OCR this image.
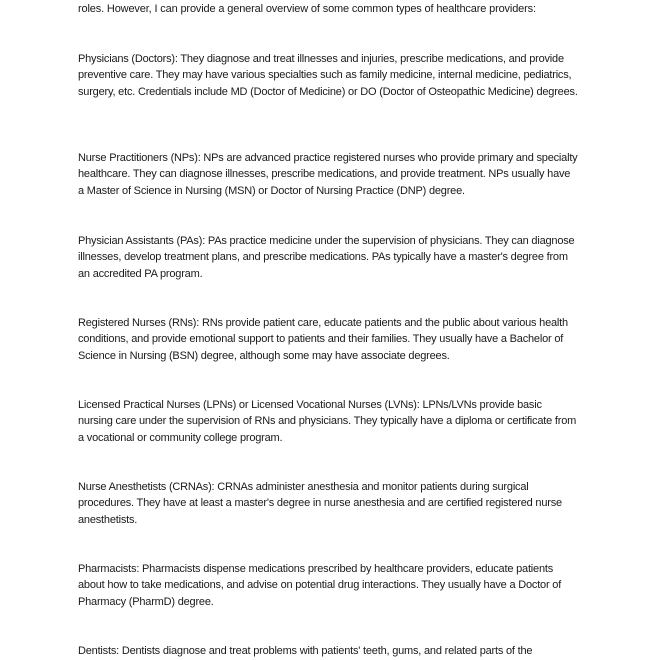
roles. However, I can provide a general overview of some common types of healthcare providers:

Physicians (Doctors): They diagnose and treat illnesses and injuries, prescribe medications, and provide preventive care. They may have various specialties such as family medicine, internal medicine, pediatrics, surgery, etc. Credentials include MD (Doctor of Medicine) or DO (Doctor of Osteopathic Medicine) degrees.

Nurse Practitioners (NPs): NPs are advanced practice registered nurses who provide primary and specialty healthcare. They can diagnose illnesses, prescribe medications, and provide treatment. NPs usually have a Master of Science in Nursing (MSN) or Doctor of Nursing Practice (DNP) degree.

Physician Assistants (PAs): PAs practice medicine under the supervision of physicians. They can diagnose illnesses, develop treatment plans, and prescribe medications. PAs typically have a master's degree from an accredited PA program.

Registered Nurses (RNs): RNs provide patient care, educate patients and the public about various health conditions, and provide emotional support to patients and their families. They usually have a Bachelor of Science in Nursing (BSN) degree, although some may have associate degrees.

Licensed Practical Nurses (LPNs) or Licensed Vocational Nurses (LVNs): LPNs/LVNs provide basic nursing care under the supervision of RNs and physicians. They typically have a diploma or certificate from a vocational or community college program.

Nurse Anesthetists (CRNAs): CRNAs administer anesthesia and monitor patients during surgical procedures. They have at least a master's degree in nurse anesthesia and are certified registered nurse anesthetists.

Pharmacists: Pharmacists dispense medications prescribed by healthcare providers, educate patients about how to take medications, and advise on potential drug interactions. They usually have a Doctor of Pharmacy (PharmD) degree.

Dentists: Dentists diagnose and treat problems with patients' teeth, gums, and related parts of the
